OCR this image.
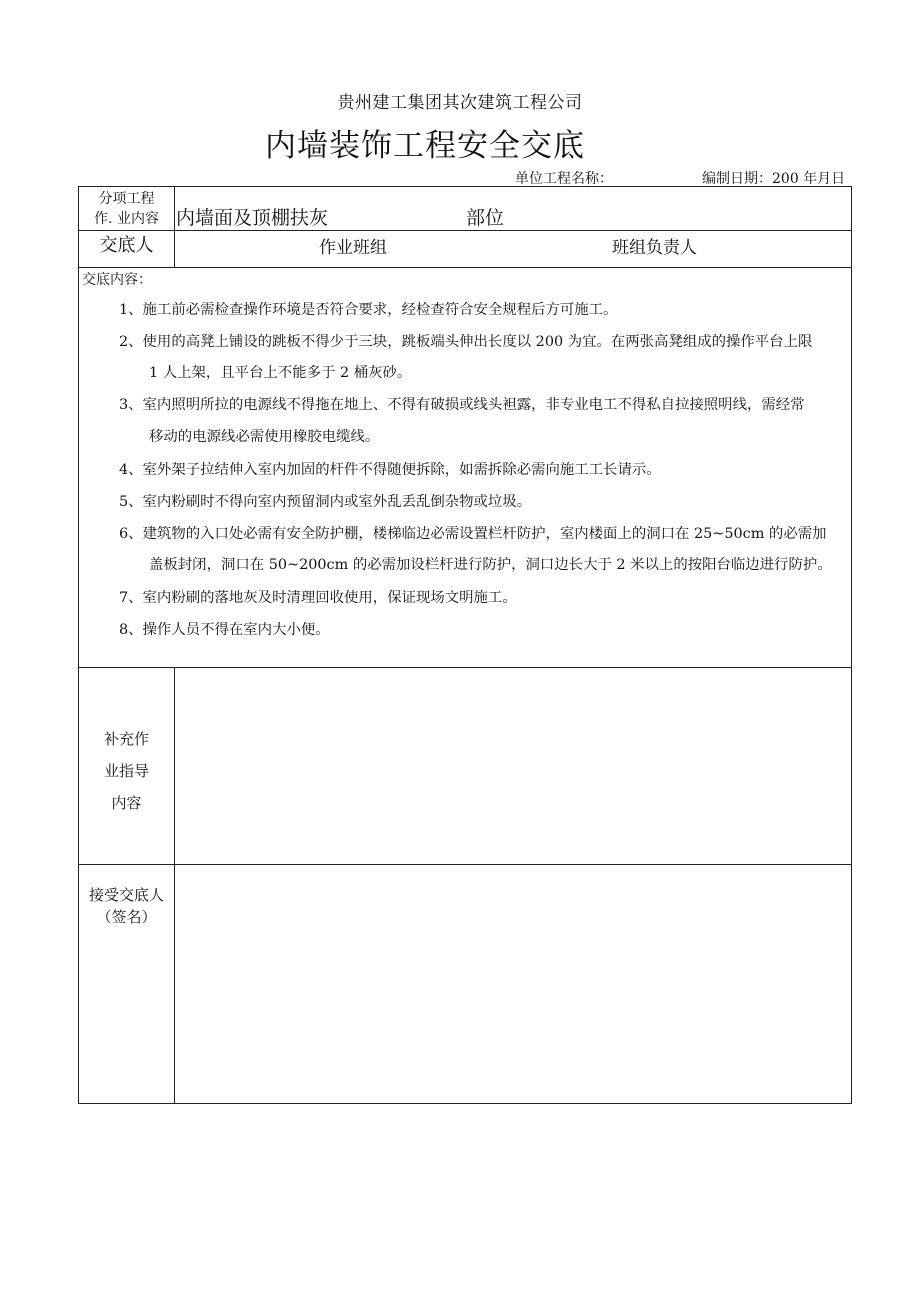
贵州建工集团其次建筑工程公司
内墙装饰工程安全交底
单位工程名称：	编制日期：200 年月日
分项工程
作. 业内容 内墙面及顶棚扶灰	部位
交底人	作业班组	班组负责人
交底内容：
1、施工前必需检查操作环境是否符合要求，经检查符合安全规程后方可施工。
2、使用的高凳上铺设的跳板不得少于三块，跳板端头伸出长度以 200 为宜。在两张高凳组成的操作平台上限
1 人上架，且平台上不能多于 2 桶灰砂。
3、室内照明所拉的电源线不得拖在地上、不得有破损或线头袒露，非专业电工不得私自拉接照明线，需经常
移动的电源线必需使用橡胶电缆线。
4、室外架子拉结伸入室内加固的杆件不得随便拆除，如需拆除必需向施工工长请示。
5、室内粉刷时不得向室内预留洞内或室外乱丢乱倒杂物或垃圾。
6、建筑物的入口处必需有安全防护棚，楼梯临边必需设置栏杆防护，室内楼面上的洞口在 25~50cm 的必需加
盖板封闭，洞口在 50~200cm 的必需加设栏杆进行防护，洞口边长大于 2 米以上的按阳台临边进行防护。
7、室内粉刷的落地灰及时清理回收使用，保证现场文明施工。
8、操作人员不得在室内大小便。
补充作
业指导
内容
接受交底人
（签名）
